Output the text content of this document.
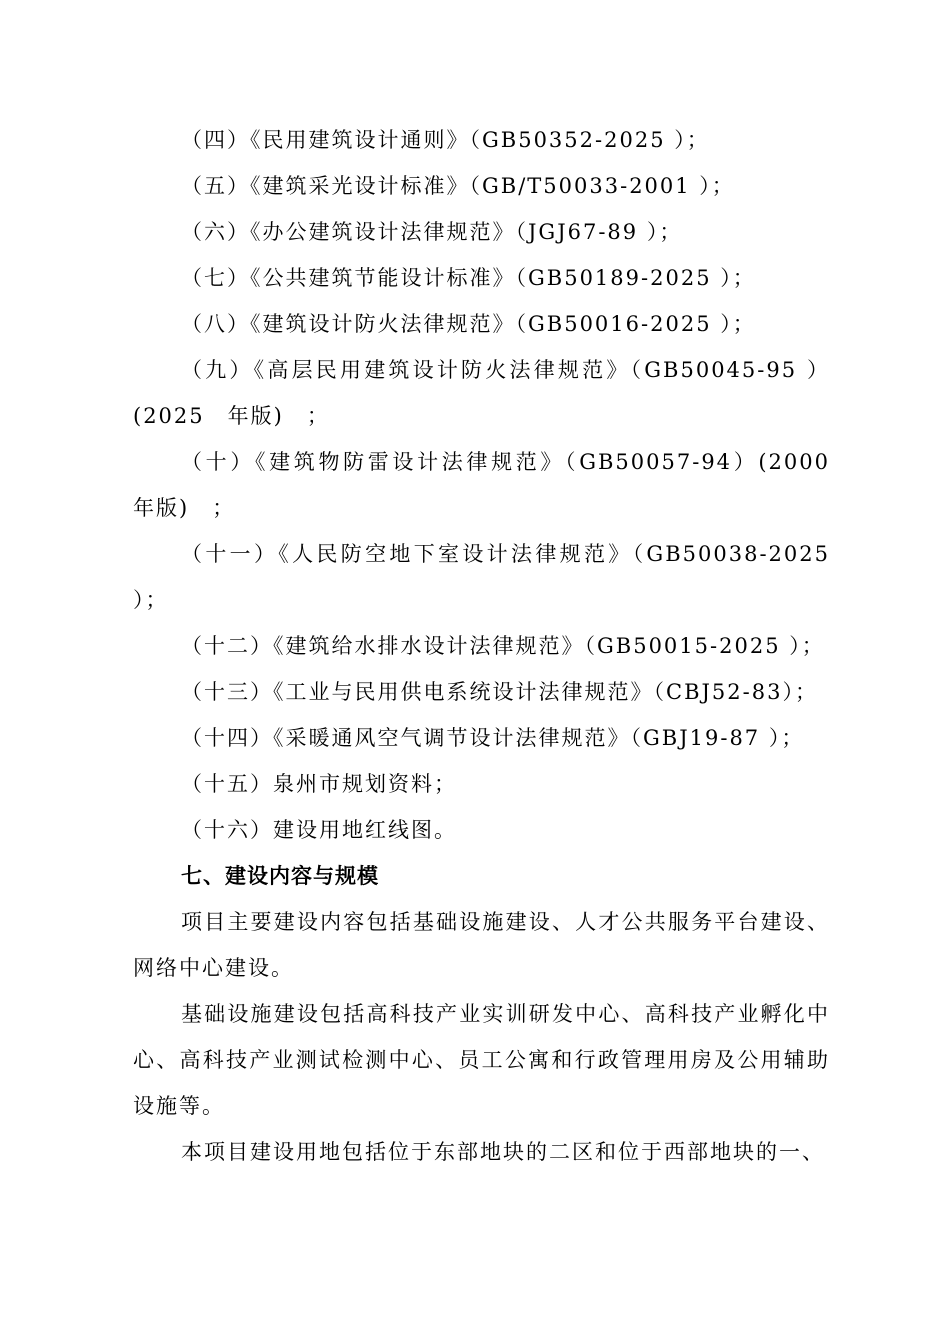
（四）《民用建筑设计通则》（GB50352-2025 ）；

（五）《建筑采光设计标准》（GB/T50033-2001 ）；

（六）《办公建筑设计法律规范》（JGJ67-89 ）；

（七）《公共建筑节能设计标准》（GB50189-2025 ）；

（八）《建筑设计防火法律规范》（GB50016-2025 ）；

（九）《高层民用建筑设计防火法律规范》（GB50045-95 ）(2025　年版)　；

（十）《建筑物防雷设计法律规范》（GB50057-94）(2000　年版)　；

（十一）《人民防空地下室设计法律规范》（GB50038-2025 ）；

（十二）《建筑给水排水设计法律规范》（GB50015-2025 ）；

（十三）《工业与民用供电系统设计法律规范》（CBJ52-83）；

（十四）《采暖通风空气调节设计法律规范》（GBJ19-87 ）；

（十五）泉州市规划资料；

（十六）建设用地红线图。

七、建设内容与规模

项目主要建设内容包括基础设施建设、人才公共服务平台建设、网络中心建设。

基础设施建设包括高科技产业实训研发中心、高科技产业孵化中心、高科技产业测试检测中心、员工公寓和行政管理用房及公用辅助设施等。

本项目建设用地包括位于东部地块的二区和位于西部地块的一、
